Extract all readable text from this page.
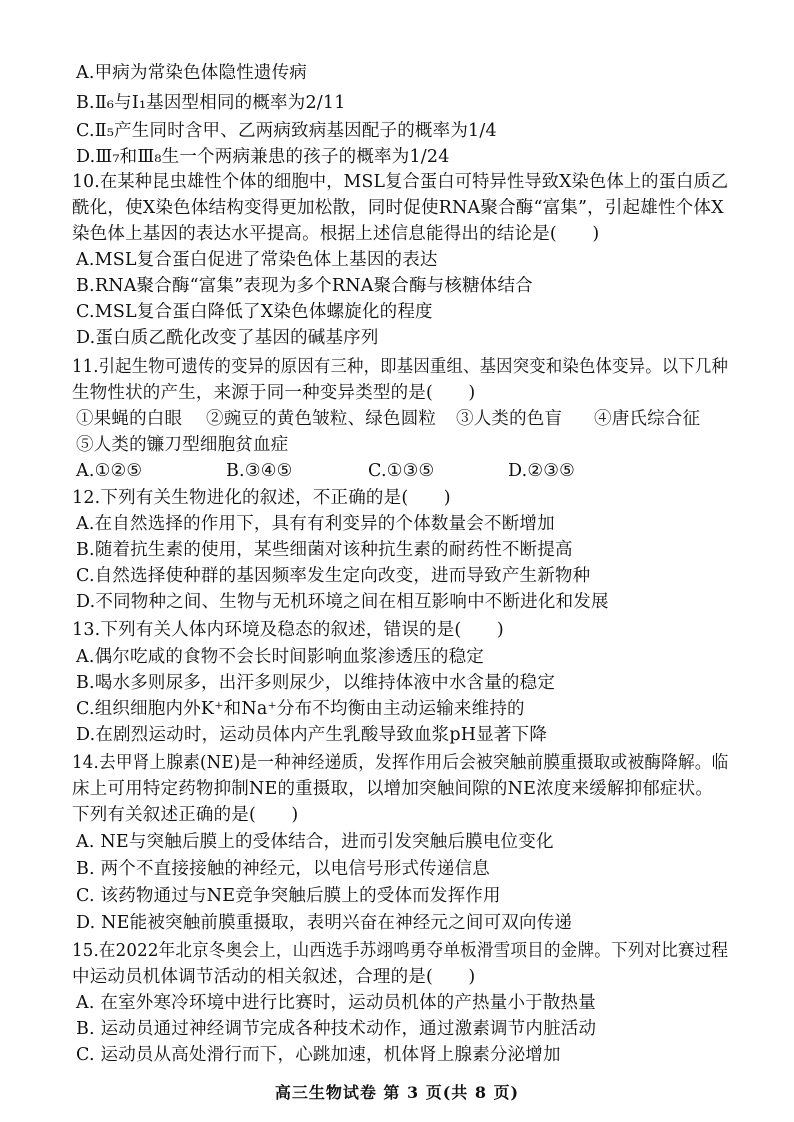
A.甲病为常染色体隐性遗传病
B.Ⅱ₆与Ⅰ₁基因型相同的概率为2/11
C.Ⅱ₅产生同时含甲、乙两病致病基因配子的概率为1/4
D.Ⅲ₇和Ⅲ₈生一个两病兼患的孩子的概率为1/24
10.在某种昆虫雄性个体的细胞中，MSL复合蛋白可特异性导致X染色体上的蛋白质乙
酰化，使X染色体结构变得更加松散，同时促使RNA聚合酶“富集”，引起雄性个体X
染色体上基因的表达水平提高。根据上述信息能得出的结论是(　　)
A.MSL复合蛋白促进了常染色体上基因的表达
B.RNA聚合酶“富集”表现为多个RNA聚合酶与核糖体结合
C.MSL复合蛋白降低了X染色体螺旋化的程度
D.蛋白质乙酰化改变了基因的碱基序列
11.引起生物可遗传的变异的原因有三种，即基因重组、基因突变和染色体变异。以下几种
生物性状的产生，来源于同一种变异类型的是(　　)
①果蝇的白眼 ②豌豆的黄色皱粒、绿色圆粒 ③人类的色盲 ④唐氏综合征
⑤人类的镰刀型细胞贫血症
A.①②⑤	B.③④⑤	C.①③⑤	D.②③⑤
12.下列有关生物进化的叙述，不正确的是(　　)
A.在自然选择的作用下，具有有利变异的个体数量会不断增加
B.随着抗生素的使用，某些细菌对该种抗生素的耐药性不断提高
C.自然选择使种群的基因频率发生定向改变，进而导致产生新物种
D.不同物种之间、生物与无机环境之间在相互影响中不断进化和发展
13.下列有关人体内环境及稳态的叙述，错误的是(　　)
A.偶尔吃咸的食物不会长时间影响血浆渗透压的稳定
B.喝水多则尿多，出汗多则尿少，以维持体液中水含量的稳定
C.组织细胞内外K⁺和Na⁺分布不均衡由主动运输来维持的
D.在剧烈运动时，运动员体内产生乳酸导致血浆pH显著下降
14.去甲肾上腺素(NE)是一种神经递质，发挥作用后会被突触前膜重摄取或被酶降解。临
床上可用特定药物抑制NE的重摄取，以增加突触间隙的NE浓度来缓解抑郁症状。
下列有关叙述正确的是(　　)
A. NE与突触后膜上的受体结合，进而引发突触后膜电位变化
B. 两个不直接接触的神经元，以电信号形式传递信息
C. 该药物通过与NE竞争突触后膜上的受体而发挥作用
D. NE能被突触前膜重摄取，表明兴奋在神经元之间可双向传递
15.在2022年北京冬奥会上，山西选手苏翊鸣勇夺单板滑雪项目的金牌。下列对比赛过程
中运动员机体调节活动的相关叙述，合理的是(　　)
A. 在室外寒冷环境中进行比赛时，运动员机体的产热量小于散热量
B. 运动员通过神经调节完成各种技术动作，通过激素调节内脏活动
C. 运动员从高处滑行而下，心跳加速，机体肾上腺素分泌增加
高三生物试卷 第 3 页(共 8 页)
